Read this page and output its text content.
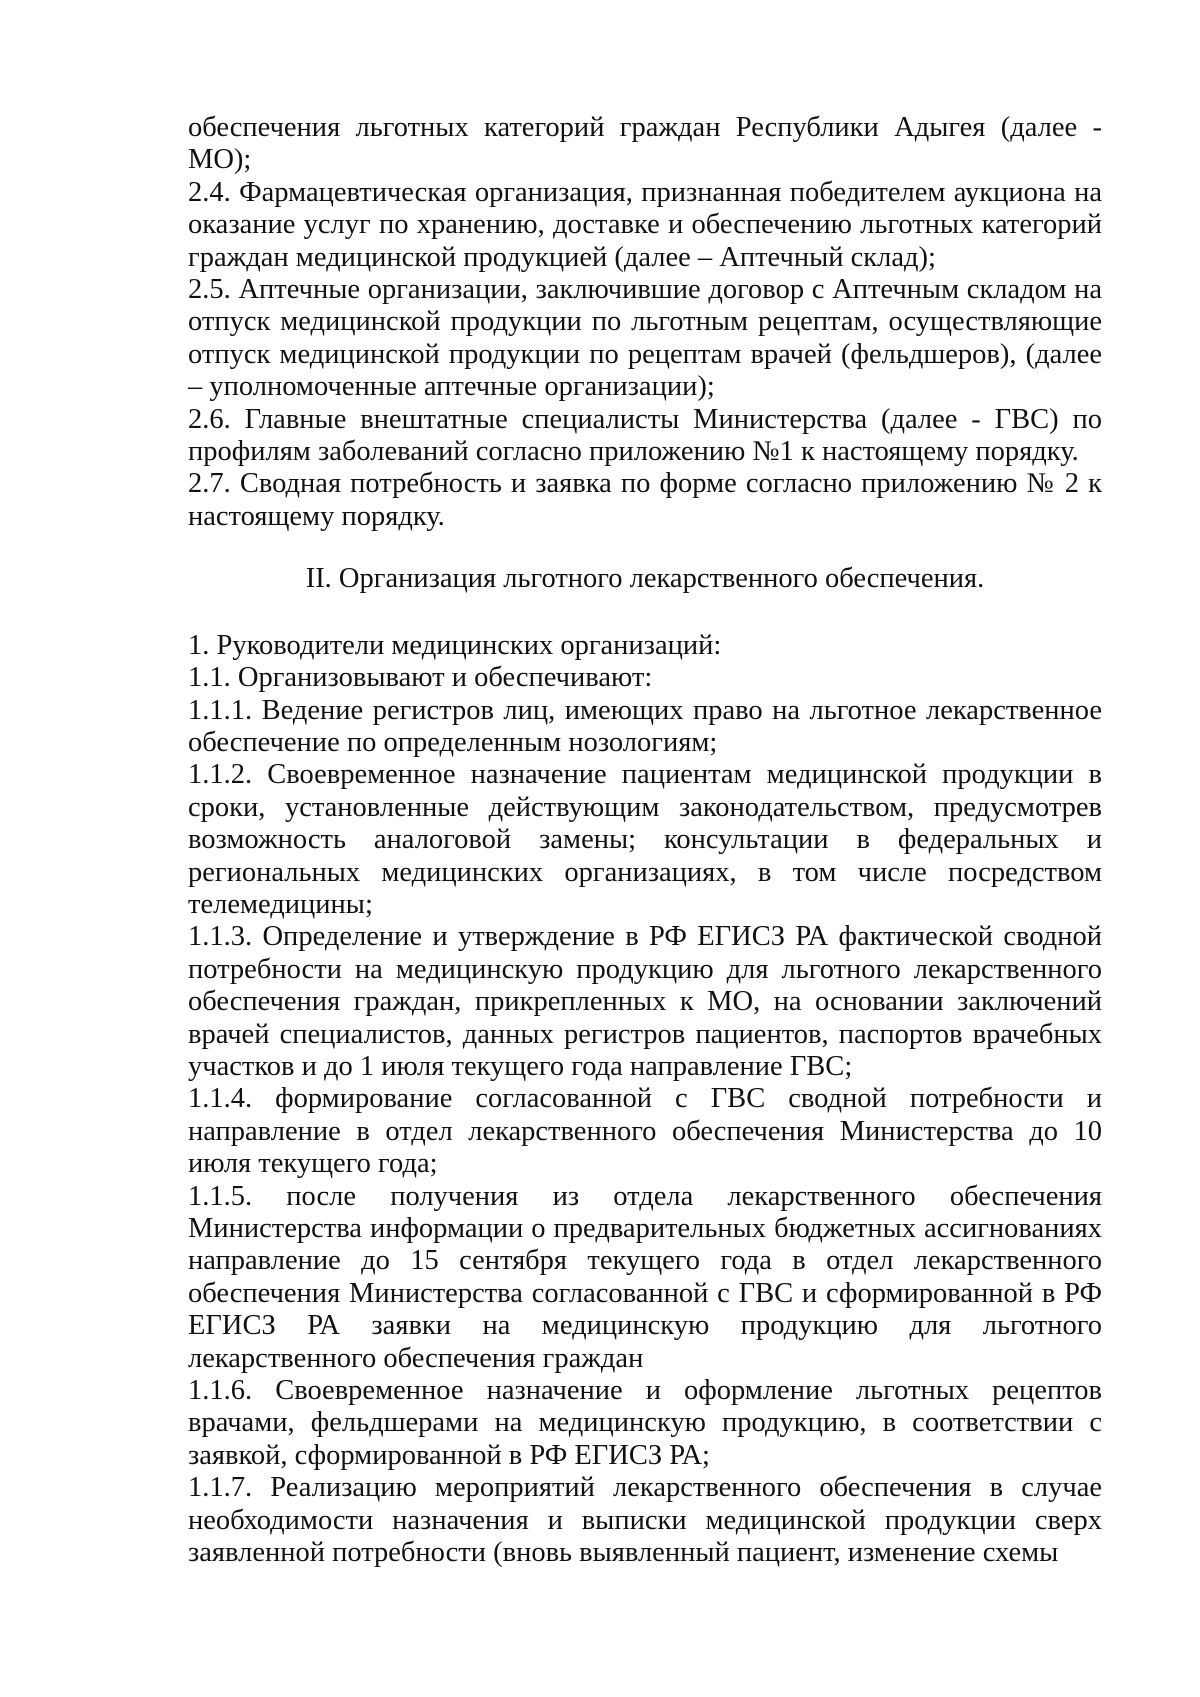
обеспечения льготных категорий граждан Республики Адыгея (далее - МО);

2.4. Фармацевтическая организация, признанная победителем аукциона на оказание услуг по хранению, доставке и обеспечению льготных категорий граждан медицинской продукцией (далее – Аптечный склад);

2.5. Аптечные организации, заключившие договор с Аптечным складом на отпуск медицинской продукции по льготным рецептам, осуществляющие отпуск медицинской продукции по рецептам врачей (фельдшеров), (далее – уполномоченные аптечные организации);

2.6. Главные внештатные специалисты Министерства (далее - ГВС) по профилям заболеваний согласно приложению №1 к настоящему порядку.

2.7. Сводная потребность и заявка по форме согласно приложению № 2 к настоящему порядку.

II. Организация льготного лекарственного обеспечения.

1. Руководители медицинских организаций:

1.1. Организовывают и обеспечивают:

1.1.1. Ведение регистров лиц, имеющих право на льготное лекарственное обеспечение по определенным нозологиям;

1.1.2. Своевременное назначение пациентам медицинской продукции в сроки, установленные действующим законодательством, предусмотрев возможность аналоговой замены; консультации в федеральных и региональных медицинских организациях, в том числе посредством телемедицины;

1.1.3. Определение и утверждение в РФ ЕГИСЗ РА фактической сводной потребности на медицинскую продукцию для льготного лекарственного обеспечения граждан, прикрепленных к МО, на основании заключений врачей специалистов, данных регистров пациентов, паспортов врачебных участков и до 1 июля текущего года направление ГВС;

1.1.4. формирование согласованной с ГВС сводной потребности и направление в отдел лекарственного обеспечения Министерства до 10 июля текущего года;

1.1.5. после получения из отдела лекарственного обеспечения Министерства информации о предварительных бюджетных ассигнованиях направление до 15 сентября текущего года в отдел лекарственного обеспечения Министерства согласованной с ГВС и сформированной в РФ ЕГИСЗ РА заявки на медицинскую продукцию для льготного лекарственного обеспечения граждан

1.1.6. Своевременное назначение и оформление льготных рецептов врачами, фельдшерами на медицинскую продукцию, в соответствии с заявкой, сформированной в РФ ЕГИСЗ РА;

1.1.7. Реализацию мероприятий лекарственного обеспечения в случае необходимости назначения и выписки медицинской продукции сверх заявленной потребности (вновь выявленный пациент, изменение схемы
